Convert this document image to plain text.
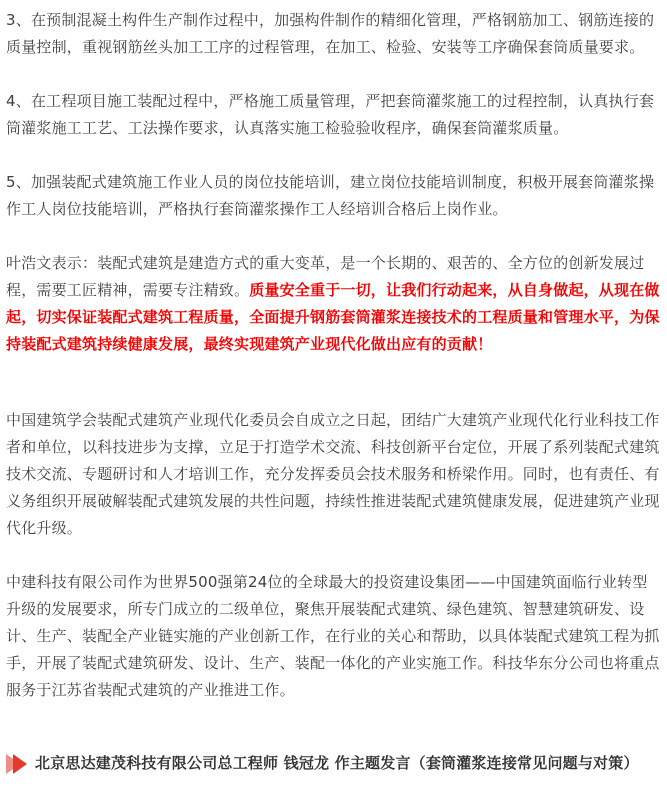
3、在预制混凝土构件生产制作过程中，加强构件制作的精细化管理，严格钢筋加工、钢筋连接的质量控制，重视钢筋丝头加工工序的过程管理，在加工、检验、安装等工序确保套筒质量要求。

4、在工程项目施工装配过程中，严格施工质量管理，严把套筒灌浆施工的过程控制，认真执行套筒灌浆施工工艺、工法操作要求，认真落实施工检验验收程序，确保套筒灌浆质量。

5、加强装配式建筑施工作业人员的岗位技能培训，建立岗位技能培训制度，积极开展套筒灌浆操作工人岗位技能培训，严格执行套筒灌浆操作工人经培训合格后上岗作业。

叶浩文表示：装配式建筑是建造方式的重大变革，是一个长期的、艰苦的、全方位的创新发展过程，需要工匠精神，需要专注精致。质量安全重于一切，让我们行动起来，从自身做起，从现在做起，切实保证装配式建筑工程质量，全面提升钢筋套筒灌浆连接技术的工程质量和管理水平，为保持装配式建筑持续健康发展，最终实现建筑产业现代化做出应有的贡献！

中国建筑学会装配式建筑产业现代化委员会自成立之日起，团结广大建筑产业现代化行业科技工作者和单位，以科技进步为支撑，立足于打造学术交流、科技创新平台定位，开展了系列装配式建筑技术交流、专题研讨和人才培训工作，充分发挥委员会技术服务和桥梁作用。同时，也有责任、有义务组织开展破解装配式建筑发展的共性问题，持续性推进装配式建筑健康发展，促进建筑产业现代化升级。

中建科技有限公司作为世界500强第24位的全球最大的投资建设集团——中国建筑面临行业转型升级的发展要求，所专门成立的二级单位，聚焦开展装配式建筑、绿色建筑、智慧建筑研发、设计、生产、装配全产业链实施的产业创新工作，在行业的关心和帮助，以具体装配式建筑工程为抓手，开展了装配式建筑研发、设计、生产、装配一体化的产业实施工作。科技华东分公司也将重点服务于江苏省装配式建筑的产业推进工作。

北京思达建茂科技有限公司总工程师 钱冠龙 作主题发言（套筒灌浆连接常见问题与对策）
